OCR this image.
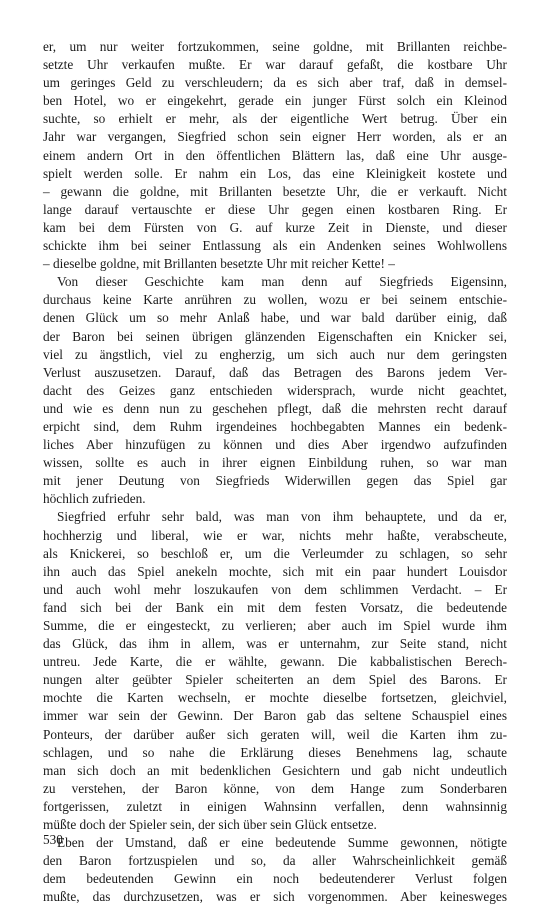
er, um nur weiter fortzukommen, seine goldne, mit Brillanten reichbe-
setzte Uhr verkaufen mußte. Er war darauf gefaßt, die kostbare Uhr
um geringes Geld zu verschleudern; da es sich aber traf, daß in demsel-
ben Hotel, wo er eingekehrt, gerade ein junger Fürst solch ein Kleinod
suchte, so erhielt er mehr, als der eigentliche Wert betrug. Über ein
Jahr war vergangen, Siegfried schon sein eigner Herr worden, als er an
einem andern Ort in den öffentlichen Blättern las, daß eine Uhr ausge-
spielt werden solle. Er nahm ein Los, das eine Kleinigkeit kostete und
– gewann die goldne, mit Brillanten besetzte Uhr, die er verkauft. Nicht
lange darauf vertauschte er diese Uhr gegen einen kostbaren Ring. Er
kam bei dem Fürsten von G. auf kurze Zeit in Dienste, und dieser
schickte ihm bei seiner Entlassung als ein Andenken seines Wohlwollens
– dieselbe goldne, mit Brillanten besetzte Uhr mit reicher Kette! –
Von dieser Geschichte kam man denn auf Siegfrieds Eigensinn,
durchaus keine Karte anrühren zu wollen, wozu er bei seinem entschie-
denen Glück um so mehr Anlaß habe, und war bald darüber einig, daß
der Baron bei seinen übrigen glänzenden Eigenschaften ein Knicker sei,
viel zu ängstlich, viel zu engherzig, um sich auch nur dem geringsten
Verlust auszusetzen. Darauf, daß das Betragen des Barons jedem Ver-
dacht des Geizes ganz entschieden widersprach, wurde nicht geachtet,
und wie es denn nun zu geschehen pflegt, daß die mehrsten recht darauf
erpicht sind, dem Ruhm irgendeines hochbegabten Mannes ein bedenk-
liches Aber hinzufügen zu können und dies Aber irgendwo aufzufinden
wissen, sollte es auch in ihrer eignen Einbildung ruhen, so war man
mit jener Deutung von Siegfrieds Widerwillen gegen das Spiel gar
höchlich zufrieden.
Siegfried erfuhr sehr bald, was man von ihm behauptete, und da er,
hochherzig und liberal, wie er war, nichts mehr haßte, verabscheute,
als Knickerei, so beschloß er, um die Verleumder zu schlagen, so sehr
ihn auch das Spiel anekeln mochte, sich mit ein paar hundert Louisdor
und auch wohl mehr loszukaufen von dem schlimmen Verdacht. – Er
fand sich bei der Bank ein mit dem festen Vorsatz, die bedeutende
Summe, die er eingesteckt, zu verlieren; aber auch im Spiel wurde ihm
das Glück, das ihm in allem, was er unternahm, zur Seite stand, nicht
untreu. Jede Karte, die er wählte, gewann. Die kabbalistischen Berech-
nungen alter geübter Spieler scheiterten an dem Spiel des Barons. Er
mochte die Karten wechseln, er mochte dieselbe fortsetzen, gleichviel,
immer war sein der Gewinn. Der Baron gab das seltene Schauspiel eines
Ponteurs, der darüber außer sich geraten will, weil die Karten ihm zu-
schlagen, und so nahe die Erklärung dieses Benehmens lag, schaute
man sich doch an mit bedenklichen Gesichtern und gab nicht undeutlich
zu verstehen, der Baron könne, von dem Hange zum Sonderbaren
fortgerissen, zuletzt in einigen Wahnsinn verfallen, denn wahnsinnig
müßte doch der Spieler sein, der sich über sein Glück entsetze.
Eben der Umstand, daß er eine bedeutende Summe gewonnen, nötigte
den Baron fortzuspielen und so, da aller Wahrscheinlichkeit gemäß
dem bedeutenden Gewinn ein noch bedeutenderer Verlust folgen
mußte, das durchzusetzen, was er sich vorgenommen. Aber keinesweges
530
